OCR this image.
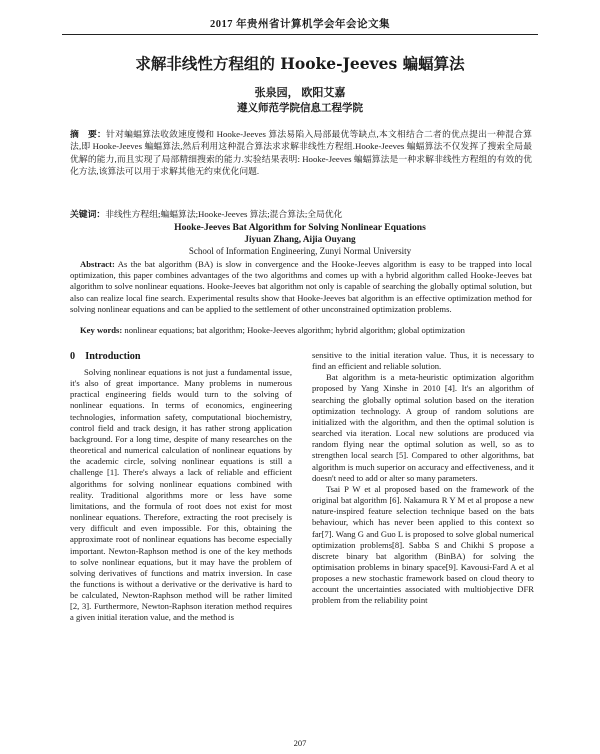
2017 年贵州省计算机学会年会论文集
求解非线性方程组的 Hooke-Jeeves 蝙蝠算法
张泉园， 欧阳艾嘉
遵义师范学院信息工程学院
摘　要：针对蝙蝠算法收敛速度慢和 Hooke-Jeeves 算法易陷入局部最优等缺点,本文相结合二者的优点提出一种混合算法,即 Hooke-Jeeves 蝙蝠算法,然后利用这种混合算法求求解非线性方程组.Hooke-Jeeves 蝙蝠算法不仅发挥了搜索全局最优解的能力,而且实现了局部精细搜索的能力.实验结果表明: Hooke-Jeeves 蝙蝠算法是一种求解非线性方程组的有效的优化方法,该算法可以用于求解其他无约束优化问题.
关键词：非线性方程组;蝙蝠算法;Hooke-Jeeves 算法;混合算法;全局优化
Hooke-Jeeves Bat Algorithm for Solving Nonlinear Equations
Jiyuan Zhang, Aijia Ouyang
School of Information Engineering, Zunyi Normal University
Abstract: As the bat algorithm (BA) is slow in convergence and the Hooke-Jeeves algorithm is easy to be trapped into local optimization, this paper combines advantages of the two algorithms and comes up with a hybrid algorithm called Hooke-Jeeves bat algorithm to solve nonlinear equations. Hooke-Jeeves bat algorithm not only is capable of searching the globally optimal solution, but also can realize local fine search. Experimental results show that Hooke-Jeeves bat algorithm is an effective optimization method for solving nonlinear equations and can be applied to the settlement of other unconstrained optimization problems.
Key words: nonlinear equations; bat algorithm; Hooke-Jeeves algorithm; hybrid algorithm; global optimization
0　Introduction

Solving nonlinear equations is not just a fundamental issue, it's also of great importance. Many problems in numerous practical engineering fields would turn to the solving of nonlinear equations. In terms of economics, engineering technologies, information safety, computational biochemistry, control field and track design, it has rather strong application background. For a long time, despite of many researches on the theoretical and numerical calculation of nonlinear equations by the academic circle, solving nonlinear equations is still a challenge [1]. There's always a lack of reliable and efficient algorithms for solving nonlinear equations combined with reality. Traditional algorithms more or less have some limitations, and the formula of root does not exist for most nonlinear equations. Therefore, extracting the root precisely is very difficult and even impossible. For this, obtaining the approximate root of nonlinear equations has become especially important. Newton-Raphson method is one of the key methods to solve nonlinear equations, but it may have the problem of solving derivatives of functions and matrix inversion. In case the functions is without a derivative or the derivative is hard to be calculated, Newton-Raphson method will be rather limited [2, 3]. Furthermore, Newton-Raphson iteration method requires a given initial iteration value, and the method is

sensitive to the initial iteration value. Thus, it is necessary to find an efficient and reliable solution.

Bat algorithm is a meta-heuristic optimization algorithm proposed by Yang Xinshe in 2010 [4]. It's an algorithm of searching the globally optimal solution based on the iteration optimization technology. A group of random solutions are initialized with the algorithm, and then the optimal solution is searched via iteration. Local new solutions are produced via random flying near the optimal solution as well, so as to strengthen local search [5]. Compared to other algorithms, bat algorithm is much superior on accuracy and effectiveness, and it doesn't need to add or alter so many parameters.

Tsai P W et al proposed based on the framework of the original bat algorithm [6]. Nakamura R Y M et al propose a new nature-inspired feature selection technique based on the bats behaviour, which has never been applied to this context so far[7]. Wang G and Guo L is proposed to solve global numerical optimization problems[8]. Sabba S and Chikhi S propose a discrete binary bat algorithm (BinBA) for solving the optimisation problems in binary space[9]. Kavousi-Fard A et al proposes a new stochastic framework based on cloud theory to account the uncertainties associated with multiobjective DFR problem from the reliability point

207
